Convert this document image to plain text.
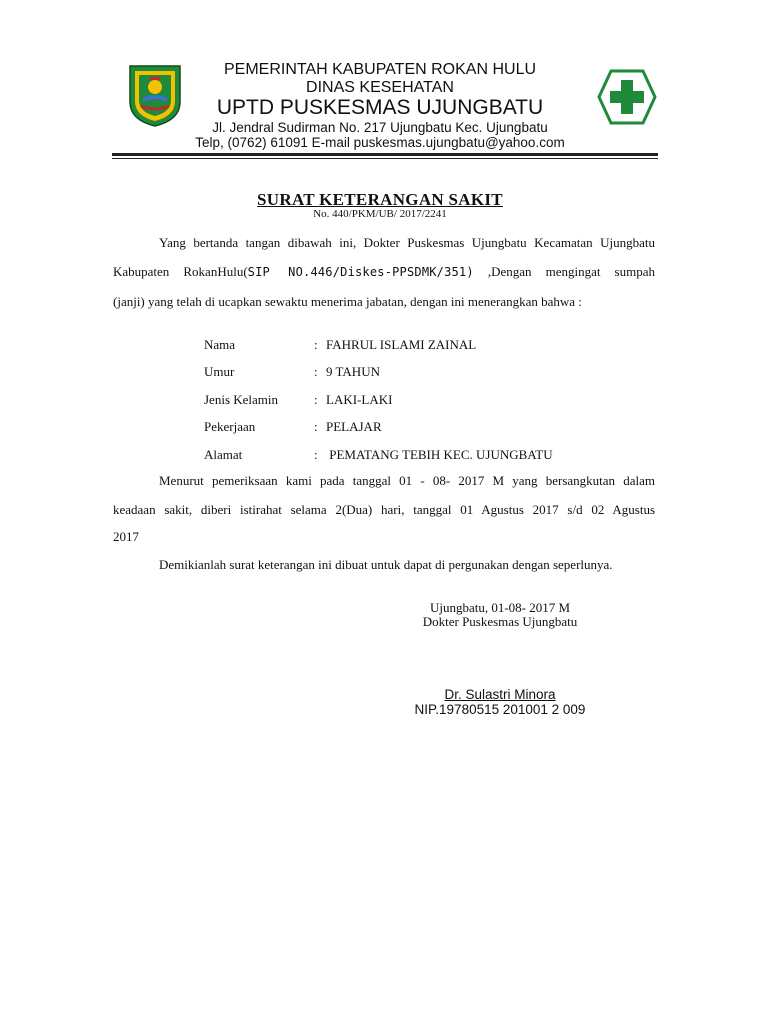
PEMERINTAH KABUPATEN ROKAN HULU
DINAS KESEHATAN
UPTD PUSKESMAS UJUNGBATU
Jl. Jendral Sudirman No. 217 Ujungbatu Kec. Ujungbatu
Telp, (0762) 61091 E-mail puskesmas.ujungbatu@yahoo.com
SURAT KETERANGAN SAKIT
No. 440/PKM/UB/ 2017/2241
Yang bertanda tangan dibawah ini, Dokter Puskesmas Ujungbatu Kecamatan Ujungbatu
Kabupaten RokanHulu(SIP NO.446/Diskes-PPSDMK/351) ,Dengan mengingat sumpah
(janji) yang telah di ucapkan sewaktu menerima jabatan, dengan ini menerangkan bahwa :
Nama	: FAHRUL ISLAMI ZAINAL
Umur	: 9 TAHUN
Jenis Kelamin	: LAKI-LAKI
Pekerjaan	: PELAJAR
Alamat	: PEMATANG TEBIH KEC. UJUNGBATU
Menurut pemeriksaan kami pada tanggal 01 - 08- 2017 M yang bersangkutan dalam
keadaan sakit, diberi istirahat selama 2(Dua) hari, tanggal 01 Agustus 2017 s/d 02 Agustus
2017
Demikianlah surat keterangan ini dibuat untuk dapat di pergunakan dengan seperlunya.
Ujungbatu, 01-08- 2017 M
Dokter Puskesmas Ujungbatu
Dr. Sulastri Minora
NIP.19780515 201001 2 009
